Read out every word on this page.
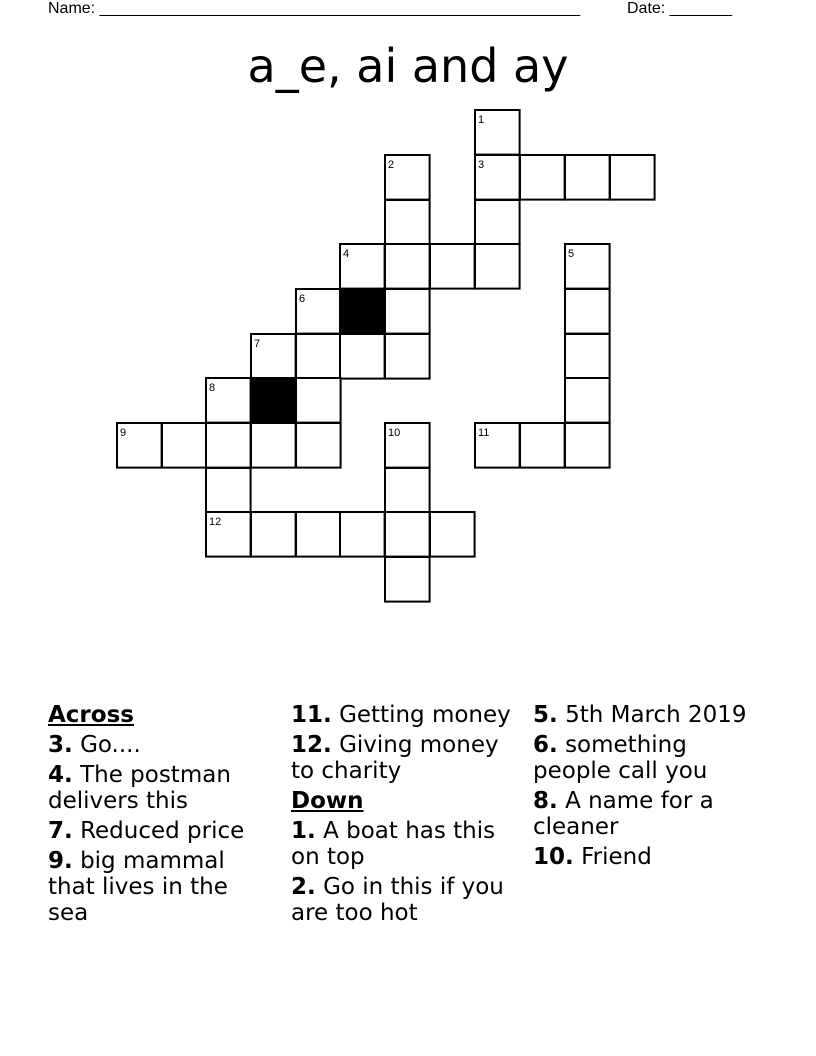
Name: ______________________________________________________	Date: _______
a_e, ai and ay
1
2	3
4	5
6
7
8
9	10	11
12
Across
3. Go....
4. The postman delivers this
7. Reduced price
9. big mammal that lives in the sea
11. Getting money
12. Giving money to charity
Down
1. A boat has this on top
2. Go in this if you are too hot
5. 5th March 2019
6. something people call you
8. A name for a cleaner
10. Friend
